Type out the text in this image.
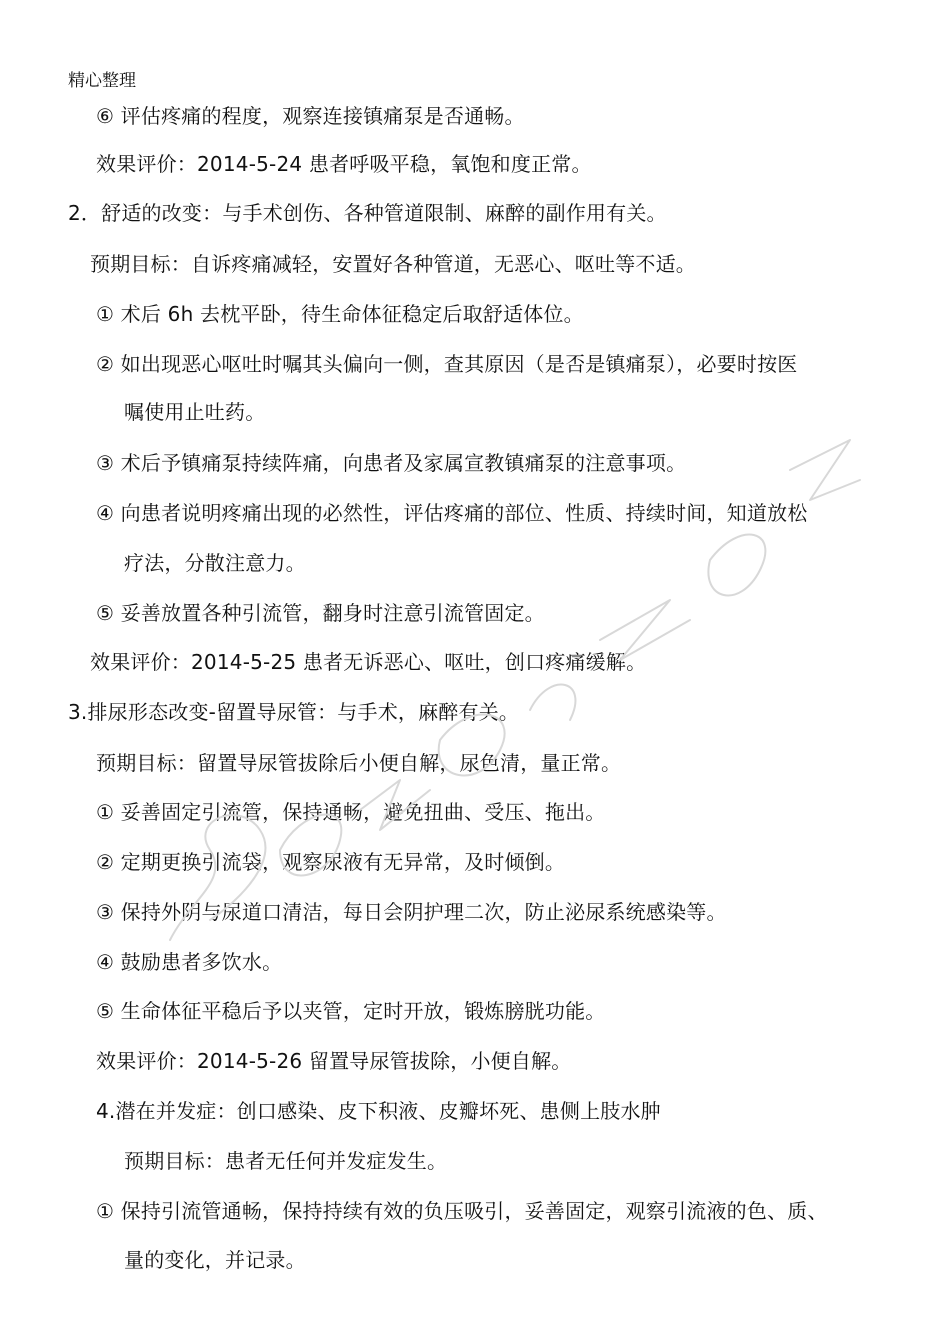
精心整理
⑥ 评估疼痛的程度，观察连接镇痛泵是否通畅。
效果评价：2014-5-24 患者呼吸平稳，氧饱和度正常。
2．舒适的改变：与手术创伤、各种管道限制、麻醉的副作用有关。
预期目标：自诉疼痛减轻，安置好各种管道，无恶心、呕吐等不适。
① 术后 6h 去枕平卧，待生命体征稳定后取舒适体位。
② 如出现恶心呕吐时嘱其头偏向一侧，查其原因（是否是镇痛泵），必要时按医
嘱使用止吐药。
③ 术后予镇痛泵持续阵痛，向患者及家属宣教镇痛泵的注意事项。
④ 向患者说明疼痛出现的必然性，评估疼痛的部位、性质、持续时间，知道放松
疗法，分散注意力。
⑤ 妥善放置各种引流管，翻身时注意引流管固定。
效果评价：2014-5-25 患者无诉恶心、呕吐，创口疼痛缓解。
3.排尿形态改变-留置导尿管：与手术，麻醉有关。
预期目标：留置导尿管拔除后小便自解，尿色清，量正常。
① 妥善固定引流管，保持通畅，避免扭曲、受压、拖出。
② 定期更换引流袋，观察尿液有无异常，及时倾倒。
③ 保持外阴与尿道口清洁，每日会阴护理二次，防止泌尿系统感染等。
④ 鼓励患者多饮水。
⑤ 生命体征平稳后予以夹管，定时开放，锻炼膀胱功能。
效果评价：2014-5-26 留置导尿管拔除，小便自解。
4.潜在并发症：创口感染、皮下积液、皮瓣坏死、患侧上肢水肿
预期目标：患者无任何并发症发生。
① 保持引流管通畅，保持持续有效的负压吸引，妥善固定，观察引流液的色、质、
量的变化，并记录。
